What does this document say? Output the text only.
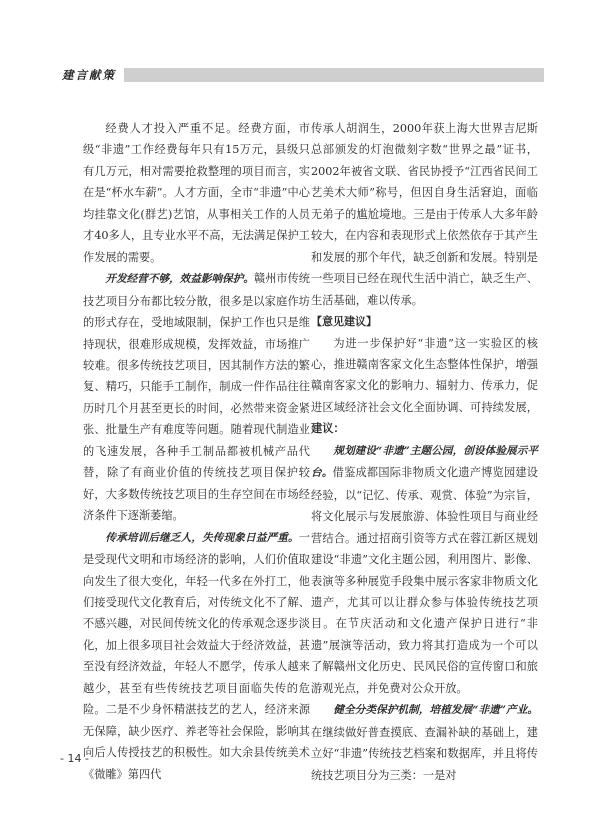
建言献策

经费人才投入严重不足。经费方面，市级“非遗”工作经费每年只有15万元，县级只有几万元，相对需要抢救整理的项目而言，实在是“杯水车薪”。人才方面，全市“非遗”中心均挂靠文化(群艺)艺馆，从事相关工作的人员才40多人，且专业水平不高，无法满足保护工作发展的需要。

开发经营不够，效益影响保护。赣州市传统技艺项目分布都比较分散，很多是以家庭作坊的形式存在，受地域限制，保护工作也只是维持现状，很难形成规模，发挥效益，市场推广较难。很多传统技艺项目，因其制作方法的繁复、精巧，只能手工制作，制成一件作品往往历时几个月甚至更长的时间，必然带来资金紧张、批量生产有难度等问题。随着现代制造业的飞速发展，各种手工制品都被机械产品代替，除了有商业价值的传统技艺项目保护较好，大多数传统技艺项目的生存空间在市场经济条件下逐渐萎缩。

传承培训后继乏人，失传现象日益严重。一是受现代文明和市场经济的影响，人们价值取向发生了很大变化，年轻一代多在外打工，他们接受现代文化教育后，对传统文化不了解、不感兴趣，对民间传统文化的传承观念逐步淡化，加上很多项目社会效益大于经济效益，甚至没有经济效益，年轻人不愿学，传承人越来越少，甚至有些传统技艺项目面临失传的危险。二是不少身怀精湛技艺的艺人，经济来源无保障，缺少医疗、养老等社会保险，影响其向后人传授技艺的积极性。如大余县传统美术《微雕》第四代

传承人胡润生，2000年获上海大世界吉尼斯总部颁发的灯泡微刻字数“世界之最”证书，2002年被省文联、省民协授予“江西省民间工艺美术大师”称号，但因自身生活窘迫，面临无弟子的尴尬境地。三是由于传承人大多年龄较大，在内容和表现形式上依然依存于其产生和发展的那个年代，缺乏创新和发展。特别是一些项目已经在现代生活中消亡，缺乏生产、生活基础，难以传承。

【意见建议】

为进一步保护好“非遗”这一实验区的核心，推进赣南客家文化生态整体性保护，增强赣南客家文化的影响力、辐射力、传承力，促进区域经济社会文化全面协调、可持续发展，建议：

规划建设“非遗”主题公园，创设体验展示平台。借鉴成都国际非物质文化遗产博览园建设经验，以“记忆、传承、观赏、体验”为宗旨，将文化展示与发展旅游、体验性项目与商业经营结合。通过招商引资等方式在蓉江新区规划建设“非遗”文化主题公园，利用图片、影像、表演等多种展览手段集中展示客家非物质文化遗产，尤其可以让群众参与体验传统技艺项目。在节庆活动和文化遗产保护日进行“非遗”展演等活动，致力将其打造成为一个可以了解赣州文化历史、民风民俗的宣传窗口和旅游观光点，并免费对公众开放。

健全分类保护机制，培植发展“非遗”产业。在继续做好普查摸底、查漏补缺的基础上，建立好“非遗”传统技艺档案和数据库，并且将传统技艺项目分为三类：一是对

- 14 -
